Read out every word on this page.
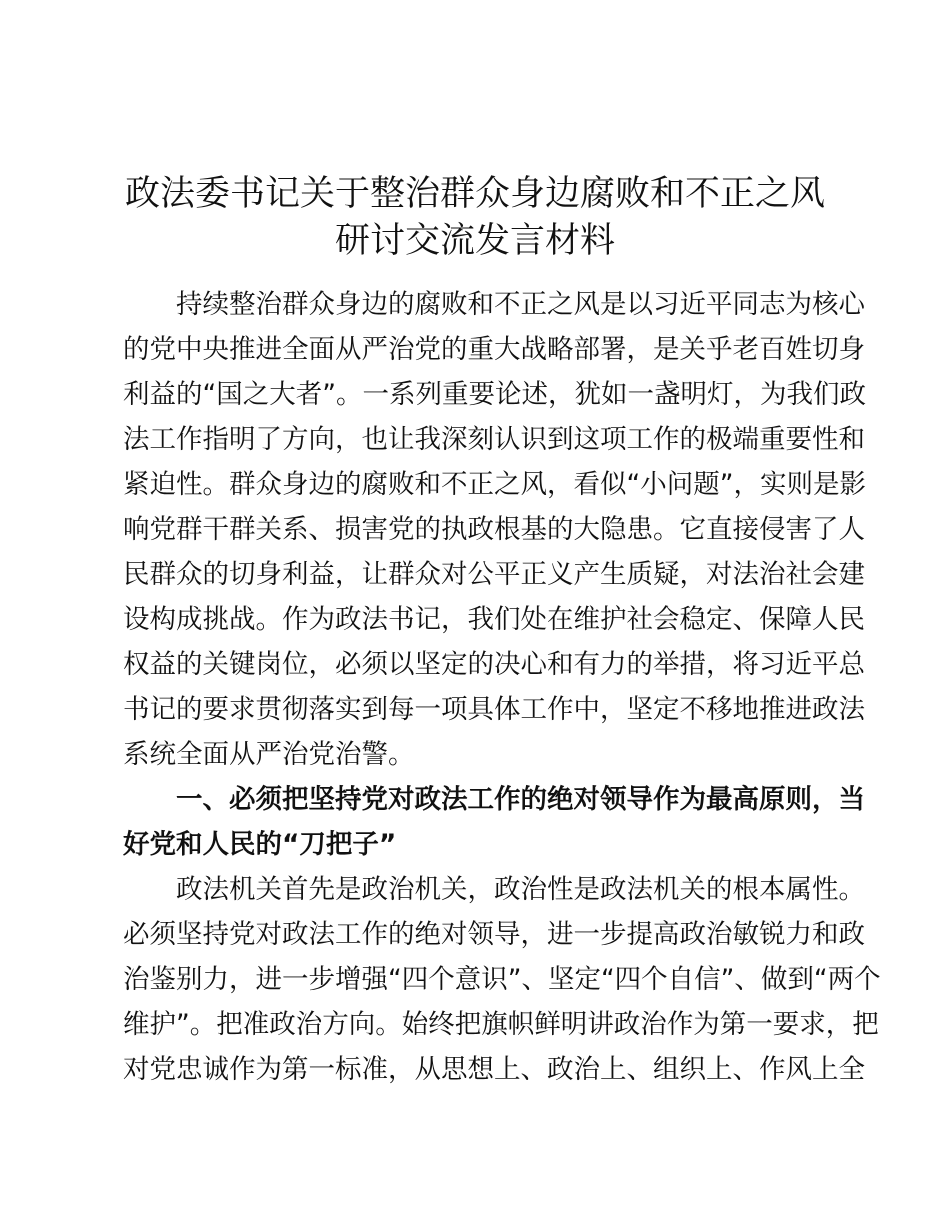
政法委书记关于整治群众身边腐败和不正之风
研讨交流发言材料
持续整治群众身边的腐败和不正之风是以习近平同志为核心
的党中央推进全面从严治党的重大战略部署，是关乎老百姓切身
利益的“国之大者”。一系列重要论述，犹如一盏明灯，为我们政
法工作指明了方向，也让我深刻认识到这项工作的极端重要性和
紧迫性。群众身边的腐败和不正之风，看似“小问题”，实则是影
响党群干群关系、损害党的执政根基的大隐患。它直接侵害了人
民群众的切身利益，让群众对公平正义产生质疑，对法治社会建
设构成挑战。作为政法书记，我们处在维护社会稳定、保障人民
权益的关键岗位，必须以坚定的决心和有力的举措，将习近平总
书记的要求贯彻落实到每一项具体工作中，坚定不移地推进政法
系统全面从严治党治警。
一、必须把坚持党对政法工作的绝对领导作为最高原则，当
好党和人民的“刀把子”
政法机关首先是政治机关，政治性是政法机关的根本属性。
必须坚持党对政法工作的绝对领导，进一步提高政治敏锐力和政
治鉴别力，进一步增强“四个意识”、坚定“四个自信”、做到“两个
维护”。把准政治方向。始终把旗帜鲜明讲政治作为第一要求，把
对党忠诚作为第一标准，从思想上、政治上、组织上、作风上全
